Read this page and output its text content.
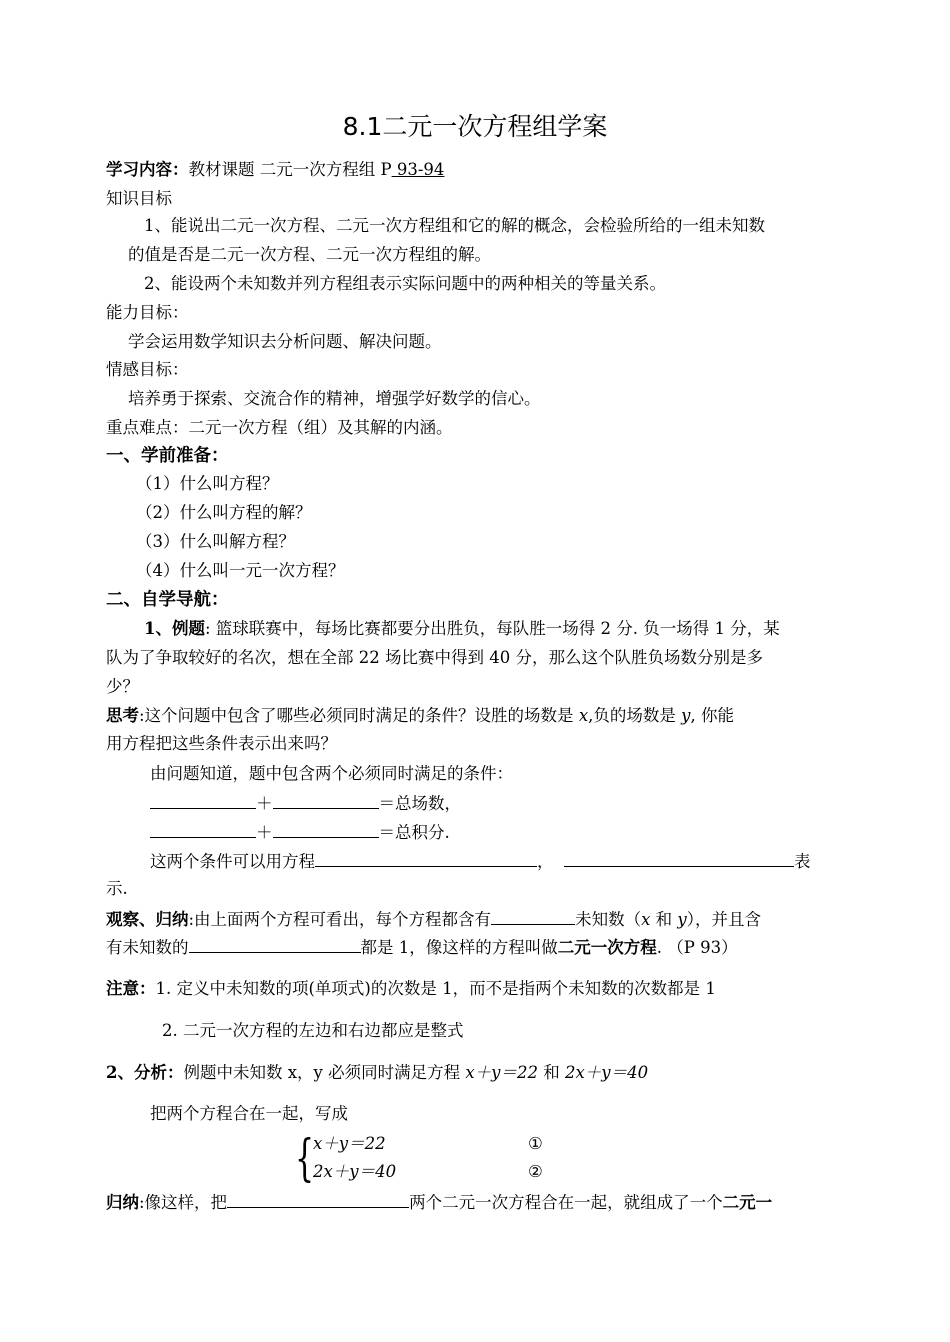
8.1二元一次方程组学案
学习内容：教材课题 二元一次方程组 P 93-94
知识目标
1、能说出二元一次方程、二元一次方程组和它的解的概念，会检验所给的一组未知数
的值是否是二元一次方程、二元一次方程组的解。
2、能设两个未知数并列方程组表示实际问题中的两种相关的等量关系。
能力目标：
学会运用数学知识去分析问题、解决问题。
情感目标：
培养勇于探索、交流合作的精神，增强学好数学的信心。
重点难点：二元一次方程（组）及其解的内涵。
一、学前准备：
（1）什么叫方程？
（2）什么叫方程的解？
（3）什么叫解方程？
（4）什么叫一元一次方程？
二、自学导航：
1、例题: 篮球联赛中，每场比赛都要分出胜负，每队胜一场得 2 分. 负一场得 1 分，某
队为了争取较好的名次，想在全部 22 场比赛中得到 40 分，那么这个队胜负场数分别是多
少？
思考:这个问题中包含了哪些必须同时满足的条件？设胜的场数是 x,负的场数是 y, 你能
用方程把这些条件表示出来吗？
由问题知道，题中包含两个必须同时满足的条件：
＋	＝总场数，
＋	＝总积分.
这两个条件可以用方程	，	表
示.
观察、归纳:由上面两个方程可看出，每个方程都含有	未知数（x 和 y），并且含
有未知数的	都是 1，像这样的方程叫做二元一次方程. （P 93）
注意：1. 定义中未知数的项(单项式)的次数是 1，而不是指两个未知数的次数都是 1
2. 二元一次方程的左边和右边都应是整式
2、分析：例题中未知数 x，y 必须同时满足方程 x＋y＝22 和 2x＋y＝40
把两个方程合在一起，写成
{
x＋y＝22	①
2x＋y＝40	②
归纳:像这样，把	两个二元一次方程合在一起，就组成了一个二元一
